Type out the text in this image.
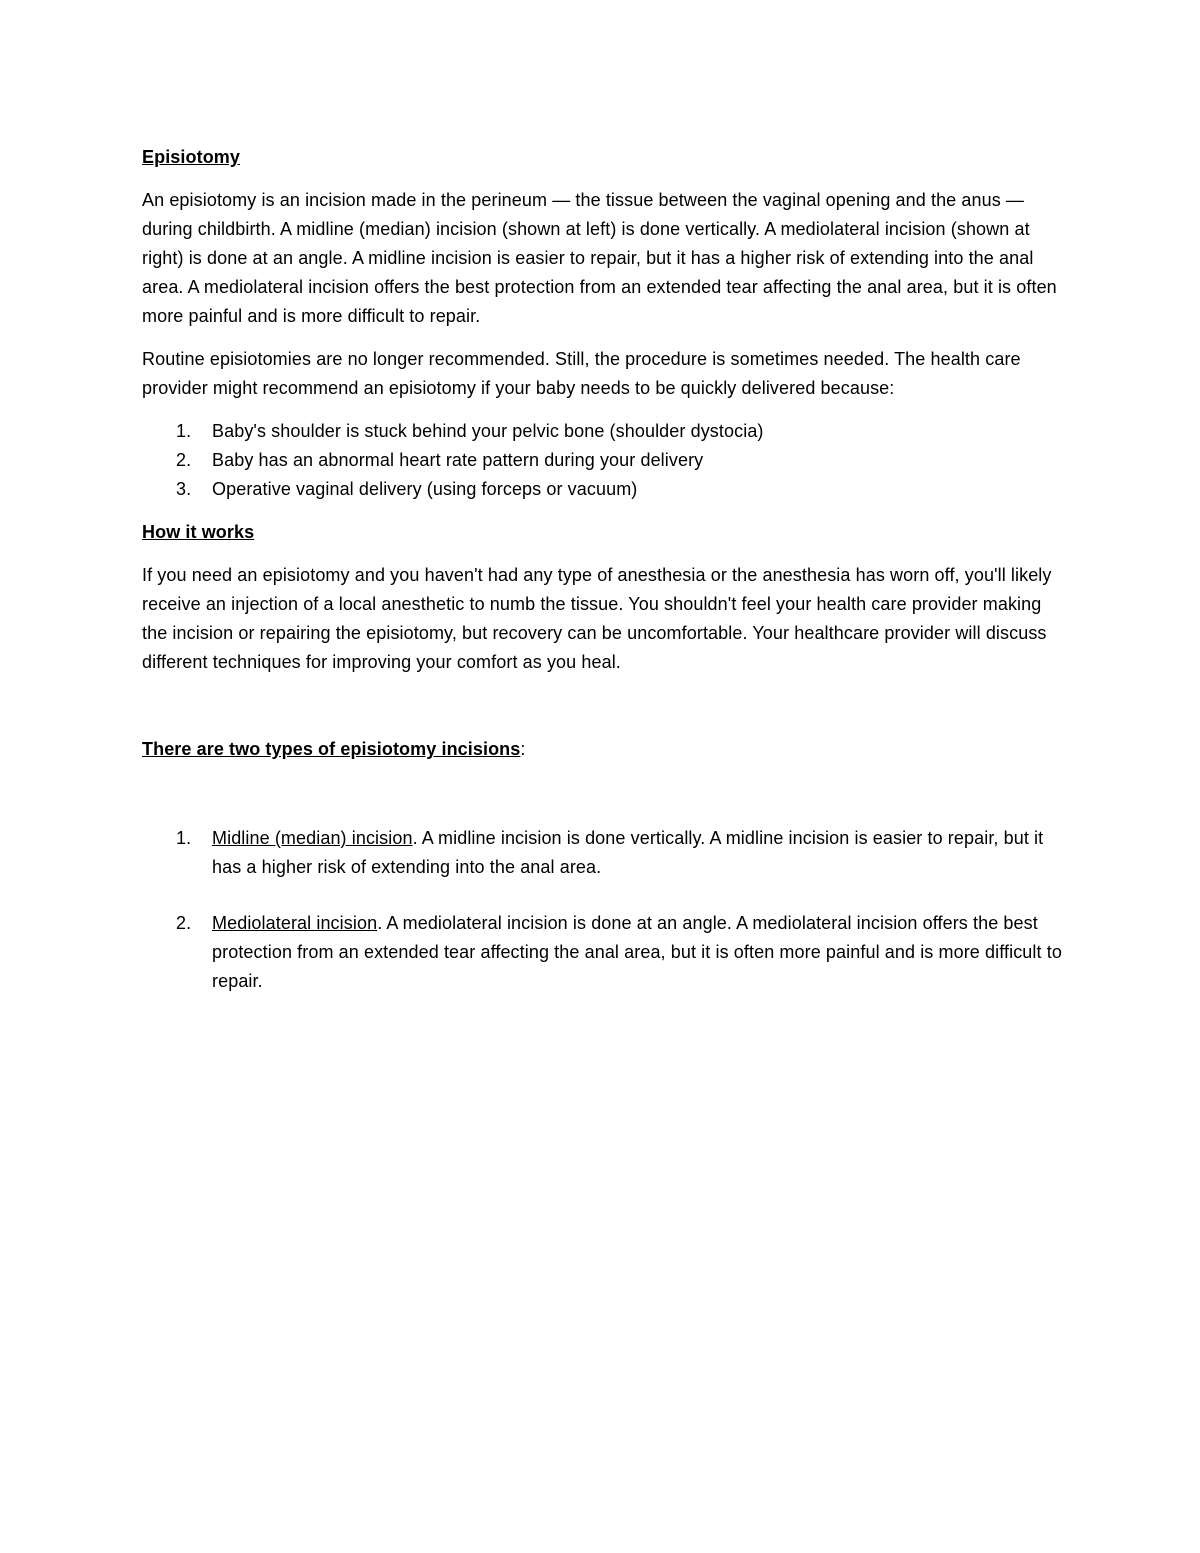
Episiotomy

An episiotomy is an incision made in the perineum — the tissue between the vaginal opening and the anus — during childbirth. A midline (median) incision (shown at left) is done vertically. A mediolateral incision (shown at right) is done at an angle. A midline incision is easier to repair, but it has a higher risk of extending into the anal area. A mediolateral incision offers the best protection from an extended tear affecting the anal area, but it is often more painful and is more difficult to repair.

Routine episiotomies are no longer recommended. Still, the procedure is sometimes needed. The health care provider might recommend an episiotomy if your baby needs to be quickly delivered because:

1. Baby's shoulder is stuck behind your pelvic bone (shoulder dystocia)
2. Baby has an abnormal heart rate pattern during your delivery
3. Operative vaginal delivery (using forceps or vacuum)

How it works

If you need an episiotomy and you haven't had any type of anesthesia or the anesthesia has worn off, you'll likely receive an injection of a local anesthetic to numb the tissue. You shouldn't feel your health care provider making the incision or repairing the episiotomy, but recovery can be uncomfortable. Your healthcare provider will discuss different techniques for improving your comfort as you heal.

There are two types of episiotomy incisions:

1. Midline (median) incision. A midline incision is done vertically. A midline incision is easier to repair, but it has a higher risk of extending into the anal area.
2. Mediolateral incision. A mediolateral incision is done at an angle. A mediolateral incision offers the best protection from an extended tear affecting the anal area, but it is often more painful and is more difficult to repair.
